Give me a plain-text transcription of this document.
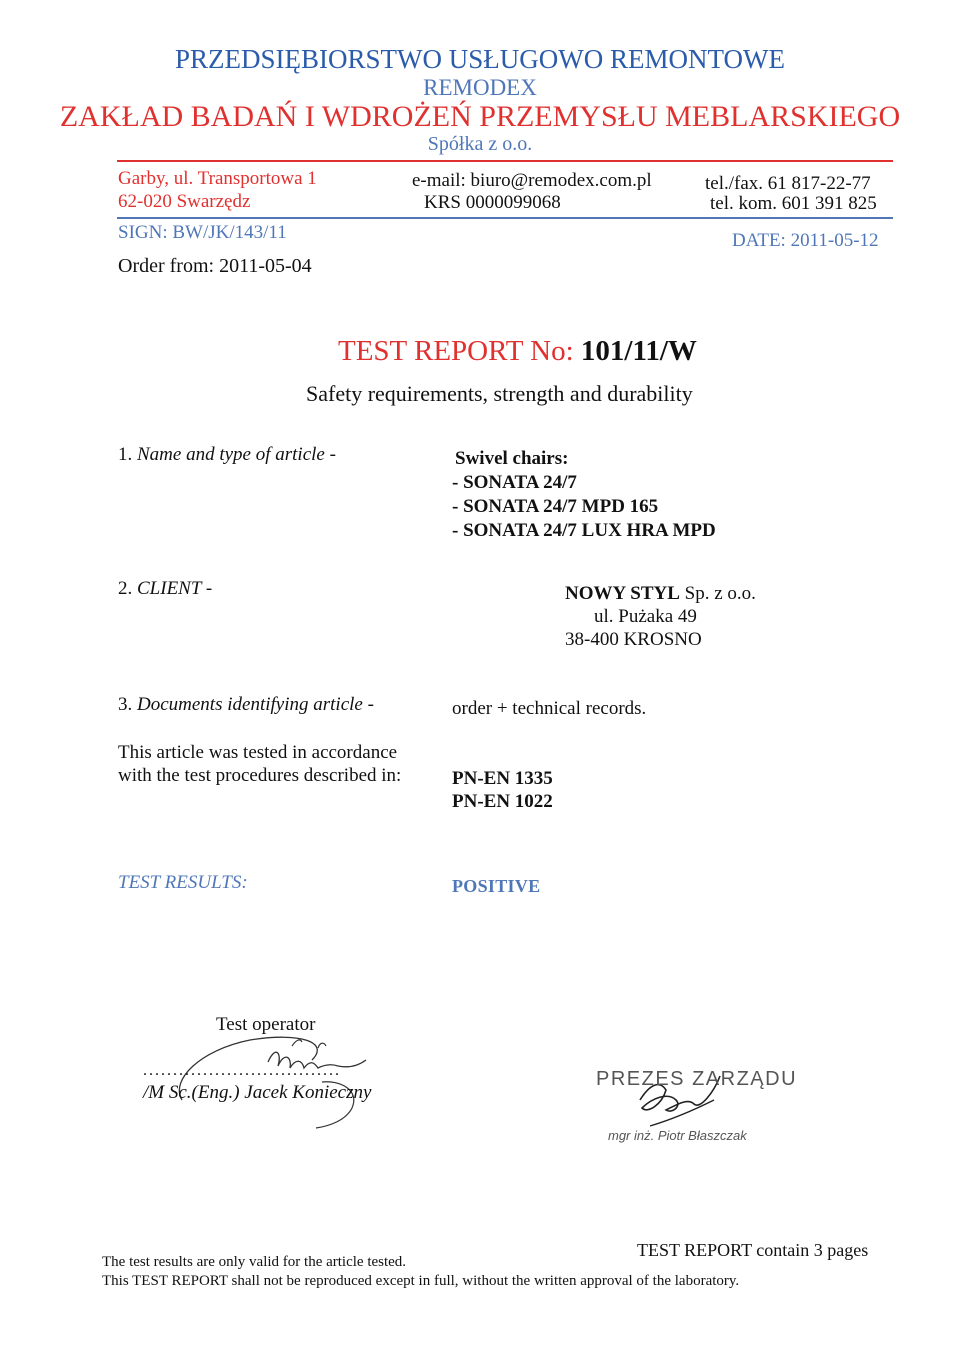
PRZEDSIĘBIORSTWO USŁUGOWO REMONTOWE
REMODEX
ZAKŁAD BADAŃ I WDROŻEŃ PRZEMYSŁU MEBLARSKIEGO
Spółka z o.o.
Garby, ul. Transportowa 1
62-020 Swarzędz
e-mail: biuro@remodex.com.pl
KRS 0000099068
tel./fax. 61 817-22-77
tel. kom. 601 391 825
SIGN: BW/JK/143/11	DATE: 2011-05-12
Order from: 2011-05-04
TEST REPORT No: 101/11/W
Safety requirements, strength and durability
1. Name and type of article -	Swivel chairs:
- SONATA 24/7
- SONATA 24/7 MPD 165
- SONATA 24/7 LUX HRA MPD
2. CLIENT -	NOWY STYL Sp. z o.o.
ul. Pużaka 49
38-400 KROSNO
3. Documents identifying article -	order + technical records.
This article was tested in accordance
with the test procedures described in:	PN-EN 1335
PN-EN 1022
TEST RESULTS:	POSITIVE
Test operator
.................................
/M Sc.(Eng.) Jacek Konieczny
PREZES ZARZĄDU
mgr inż. Piotr Błaszczak
TEST REPORT contain 3 pages
The test results are only valid for the article tested.
This TEST REPORT shall not be reproduced except in full, without the written approval of the laboratory.
